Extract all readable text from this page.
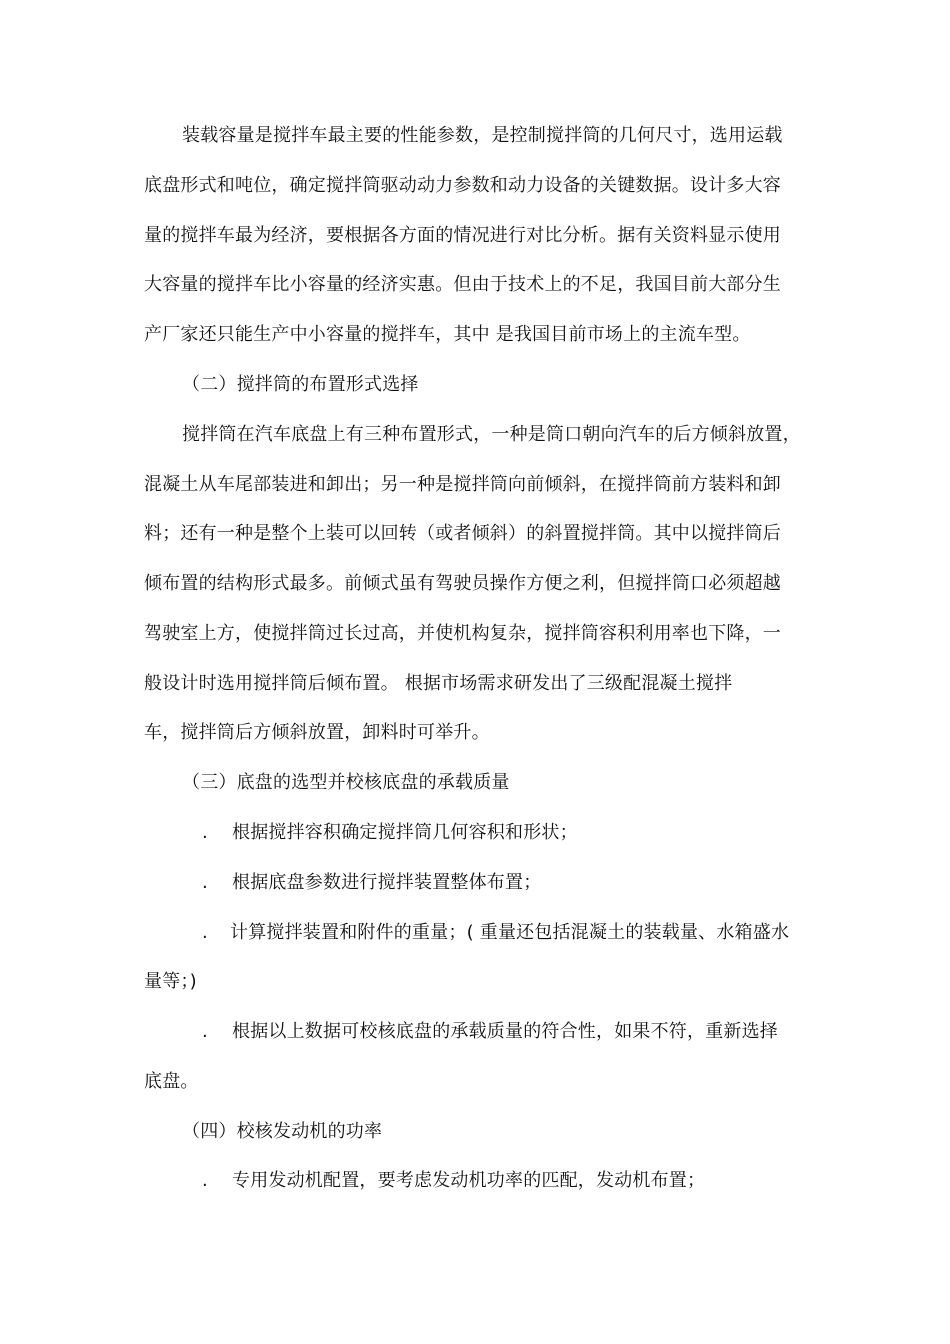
装载容量是搅拌车最主要的性能参数，是控制搅拌筒的几何尺寸，选用运载
底盘形式和吨位，确定搅拌筒驱动动力参数和动力设备的关键数据。设计多大容
量的搅拌车最为经济，要根据各方面的情况进行对比分析。据有关资料显示使用
大容量的搅拌车比小容量的经济实惠。但由于技术上的不足，我国目前大部分生
产厂家还只能生产中小容量的搅拌车，其中 是我国目前市场上的主流车型。
（二）搅拌筒的布置形式选择
搅拌筒在汽车底盘上有三种布置形式，一种是筒口朝向汽车的后方倾斜放置，
混凝土从车尾部装进和卸出；另一种是搅拌筒向前倾斜，在搅拌筒前方装料和卸
料；还有一种是整个上装可以回转（或者倾斜）的斜置搅拌筒。其中以搅拌筒后
倾布置的结构形式最多。前倾式虽有驾驶员操作方便之利，但搅拌筒口必须超越
驾驶室上方，使搅拌筒过长过高，并使机构复杂，搅拌筒容积利用率也下降，一
般设计时选用搅拌筒后倾布置。 根据市场需求研发出了三级配混凝土搅拌
车，搅拌筒后方倾斜放置，卸料时可举升。
（三）底盘的选型并校核底盘的承载质量
. 根据搅拌容积确定搅拌筒几何容积和形状；
. 根据底盘参数进行搅拌装置整体布置；
. 计算搅拌装置和附件的重量；( 重量还包括混凝土的装载量、水箱盛水
量等；)
. 根据以上数据可校核底盘的承载质量的符合性，如果不符，重新选择
底盘。
（四）校核发动机的功率
. 专用发动机配置，要考虑发动机功率的匹配，发动机布置；
